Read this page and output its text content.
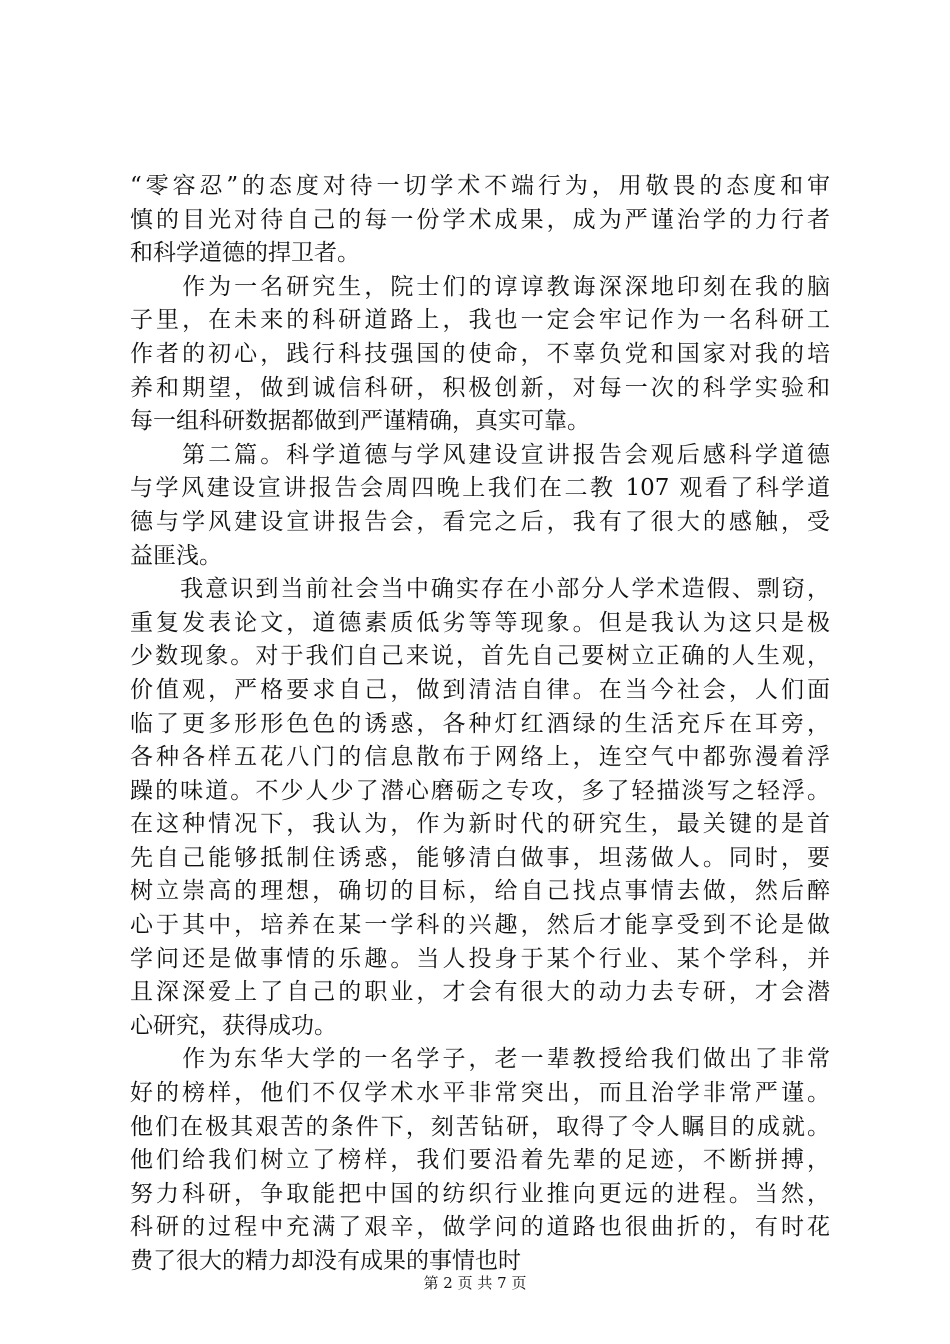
“零容忍”的态度对待一切学术不端行为，用敬畏的态度和审
慎的目光对待自己的每一份学术成果，成为严谨治学的力行者
和科学道德的捍卫者。
　　作为一名研究生，院士们的谆谆教诲深深地印刻在我的脑
子里，在未来的科研道路上，我也一定会牢记作为一名科研工
作者的初心，践行科技强国的使命，不辜负党和国家对我的培
养和期望，做到诚信科研，积极创新，对每一次的科学实验和
每一组科研数据都做到严谨精确，真实可靠。
　　第二篇。科学道德与学风建设宣讲报告会观后感科学道德
与学风建设宣讲报告会周四晚上我们在二教 107 观看了科学道
德与学风建设宣讲报告会，看完之后，我有了很大的感触，受
益匪浅。
　　我意识到当前社会当中确实存在小部分人学术造假、剽窃，
重复发表论文，道德素质低劣等等现象。但是我认为这只是极
少数现象。对于我们自己来说，首先自己要树立正确的人生观，
价值观，严格要求自己，做到清洁自律。在当今社会，人们面
临了更多形形色色的诱惑，各种灯红酒绿的生活充斥在耳旁，
各种各样五花八门的信息散布于网络上，连空气中都弥漫着浮
躁的味道。不少人少了潜心磨砺之专攻，多了轻描淡写之轻浮。
在这种情况下，我认为，作为新时代的研究生，最关键的是首
先自己能够抵制住诱惑，能够清白做事，坦荡做人。同时，要
树立崇高的理想，确切的目标，给自己找点事情去做，然后醉
心于其中，培养在某一学科的兴趣，然后才能享受到不论是做
学问还是做事情的乐趣。当人投身于某个行业、某个学科，并
且深深爱上了自己的职业，才会有很大的动力去专研，才会潜
心研究，获得成功。
　　作为东华大学的一名学子，老一辈教授给我们做出了非常
好的榜样，他们不仅学术水平非常突出，而且治学非常严谨。
他们在极其艰苦的条件下，刻苦钻研，取得了令人瞩目的成就。
他们给我们树立了榜样，我们要沿着先辈的足迹，不断拼搏，
努力科研，争取能把中国的纺织行业推向更远的进程。当然，
科研的过程中充满了艰辛，做学问的道路也很曲折的，有时花
费了很大的精力却没有成果的事情也时
第 2 页 共 7 页
